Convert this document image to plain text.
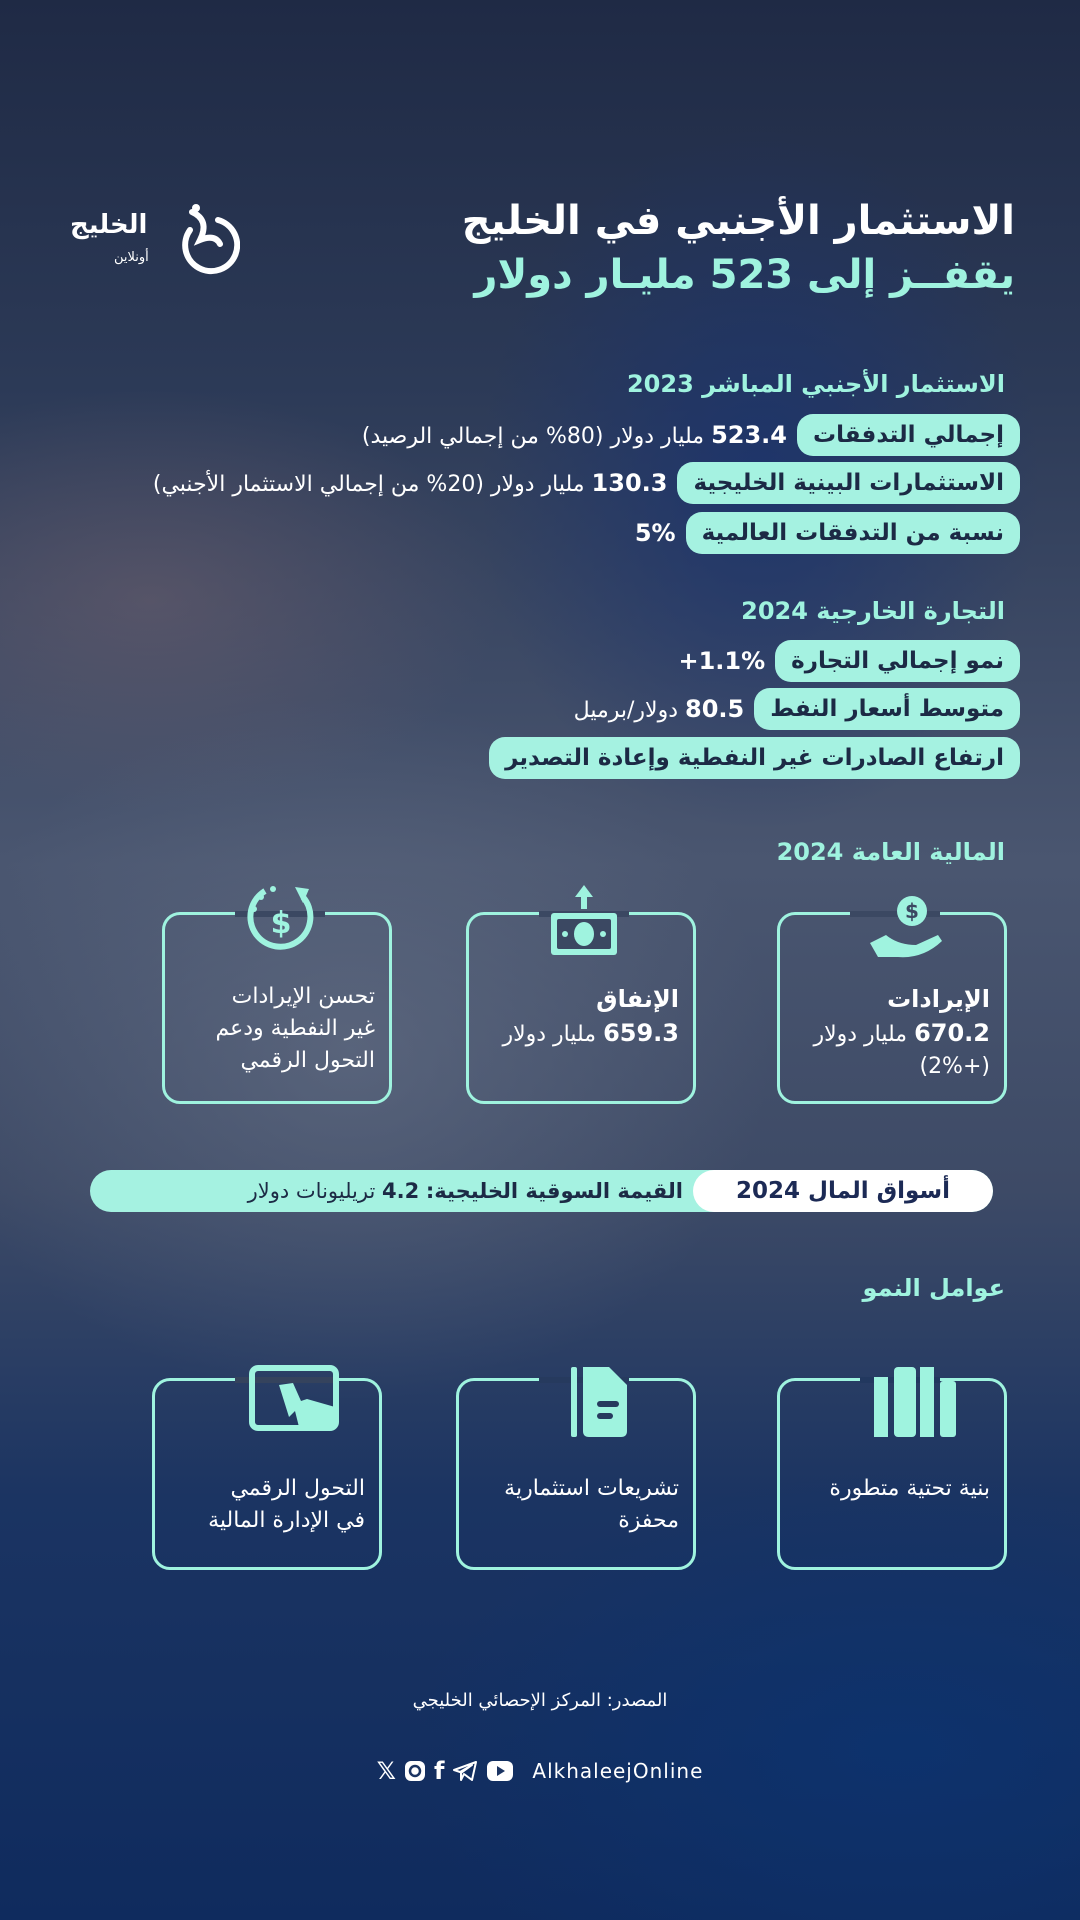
الخليج
أونلاين
الاستثمار الأجنبي في الخليج
يقفــز إلى 523 مليـار دولار
الاستثمار الأجنبي المباشر 2023
إجمالي التدفقات
523.4 مليار دولار (80% من إجمالي الرصيد)
الاستثمارات البينية الخليجية
130.3 مليار دولار (20% من إجمالي الاستثمار الأجنبي)
نسبة من التدفقات العالمية
5%
التجارة الخارجية 2024
نمو إجمالي التجارة
+1.1%
متوسط أسعار النفط
80.5 دولار/برميل
ارتفاع الصادرات غير النفطية وإعادة التصدير
المالية العامة 2024
$
الإيرادات
670.2 مليار دولار
(+2%)
الإنفاق
659.3 مليار دولار
$
تحسن الإيرادات
غير النفطية ودعم
التحول الرقمي
أسواق المال 2024
القيمة السوقية الخليجية:

4.2

تريليونات دولار
عوامل النمو
بنية تحتية متطورة
تشريعات استثمارية
محفزة
التحول الرقمي
في الإدارة المالية
المصدر: المركز الإحصائي الخليجي
𝕏 f	AlkhaleejOnline
